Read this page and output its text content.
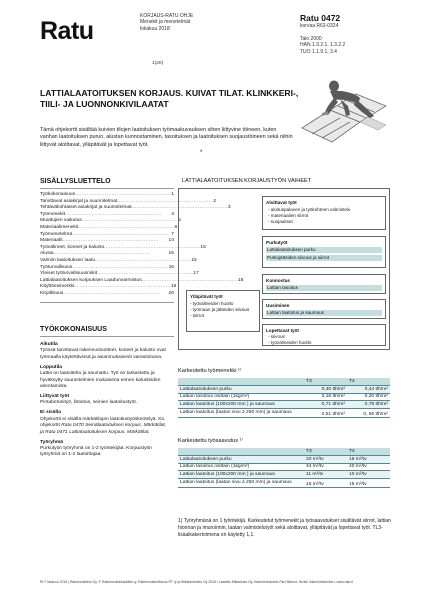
Ratu
KORJAUS-RATU OHJE
Menekit ja menetelmät
lokakuu 2018
Ratu 0472
korvaa R63-0324

Talo 2000
HAN 1.3.2.1, 1.3.2.2
TUO 1.1.9.1, 3.4
1(20)
LATTIALAATOITUKSEN KORJAUS. KUIVAT TILAT. KLINKKERI-, TIILI- JA LUONNONKIVILAATAT
Tämä ohjekortti sisältää kuivien tilojen laatoituksen työmaakuvauksen sihen liittyvine töineen, kuten vanhan laatoituksen purun, alustan kunnostaminen, tasoituksen ja laatoituksen suojaustöineen sekä niihin liittyvät aloittavat, ylläpitävät ja lopettavat työt.
*
SISÄLLYSLUETTELO
Työkokonaisuus .......................................................... 1
Tarvittavat asiakirjat ja suunnitelmat .......................................................... 2
Tehtäväkohtaiset asiakirjat ja suunnitelmat .......................................................... 3
Työmenekit ..........................................................	4
Muuttujien vaikutus .......................................................... 5
Materiaalimenekit .......................................................... 6
Työmenetelmä .......................................................... 7
Materiaalit ..........................................................	14
Työvälineet, koneet ja kalusto .......................................................... 15
Alusta ..........................................................	15
Valmiin laatoituksen laatu .......................................................... 15
Työturvallisuus .......................................................... 16
Yleiset työturvallisuusriskit .......................................................... 17
Lattialaatoituksen korjauksen Laadunvarmistus .......................................................... 18
Käyttöesimerkki .......................................................... 19
Kirjallisuus ..........................................................	20
TYÖKOKONAISUUS
Aikutila
Työssä tarvittavat rakennustuotteet, koneet ja kalusto ovat työmaalla käytettävissä ja asianmukaisesti varastoituina.
Lopputila
Lattia on laatoitettu ja saumattu. Työ on tarkastettu ja hyväksytty suunnitelmien mukaisena ennen kalusteiden asentamista.
Liittyvät työt
Pintabetonityö, listoitus, seinien laatoitustyöt.
Ei sisälla
Ohjekortti ei sisällä märkätilojen laatoitustyöskentelyä. Ks. ohjekortit Ratu 0470 Seinälaatoituksen korjaus. Märkätilat, ja Ratu 0471 Lattialaatoituksen korjaus. Märkätilat.
Työryhmä
Purkutyön työryhmä on 1-2 työntekijää. Korjaustyön työryhmä on 1-2 laatoittajaa.
LATTIALAATOITUKSEN KORJAUSTYÖN VAIHEET
Ylläpitävät työt
- työvälineiden huolto
- työmaan ja jätteiden siivous
- siirrot
Aloittavat työt
- aloituspalaveri ja työkohteen valmistelu
- materiaalien siirrot
- suojaukset
Purkutyöt
Lattialaatoituksen purku
Purkujätteiden siivous ja siirrot
Kunnostus
Lattian tasoitus
Uusiminen
Lattian laatoitus ja saumaus
Lopettavat työt
- siivous
- työvälineiden huolto
Karkeutettu työmenekki ¹⁾
	T3	T4
Lattialaatoituksen purku	0,40 tth/m²	0,44 tth/m²
Lattian tasoitus osittain (1kg/m²)	0,18 tth/m²	0,20 tth/m²
Lattian laatoitus (100x200 mm ) ja saumaus	0,71 tth/m²	0,78 tth/m²
Lattian laatoitus (laatan sivu ≥ 250 mm) ja saumaus	0,51 tth/m²	0, 56 tth/m²
Karkeutettu työsaavutus ¹⁾
	T3	T4
Lattialaatoituksen purku	20 m²/tv	18 m²/tv
Lattian tasoitus osittain (1kg/m²)	44 m²/tv	40 m²/tv
Lattian laatoitus (100x200 mm ) ja saumaus	11 m²/tv	10 m²/tv
Lattian laatoitus (laatan sivu ≥ 250 mm) ja saumaus	16 m²/tv	15 m²/tv
1) Työryhmänä on 1 työntekijä. Karkeutetut työmenekit ja työsaavutukset sisältävät siirrot, lattian hionnan ja imuroinnin, laatan valmistelutyöt sekä aloittavat, ylläpitävät ja lopettavat työt. TL3-lisäaikakertoimena on käytetty 1,1.
RLT lokakuu 2018 | Rakennustieto Oy, © Rakennustietosäätiö ry, Rakennusteollisuus RT ry ja Mittaritoimisto Oy 2018 • Laadittu Mittauksia Oy, Insinööritoimisto Pia Hidlund, Heikki Insinööritoimisto • www.ratu.fi
